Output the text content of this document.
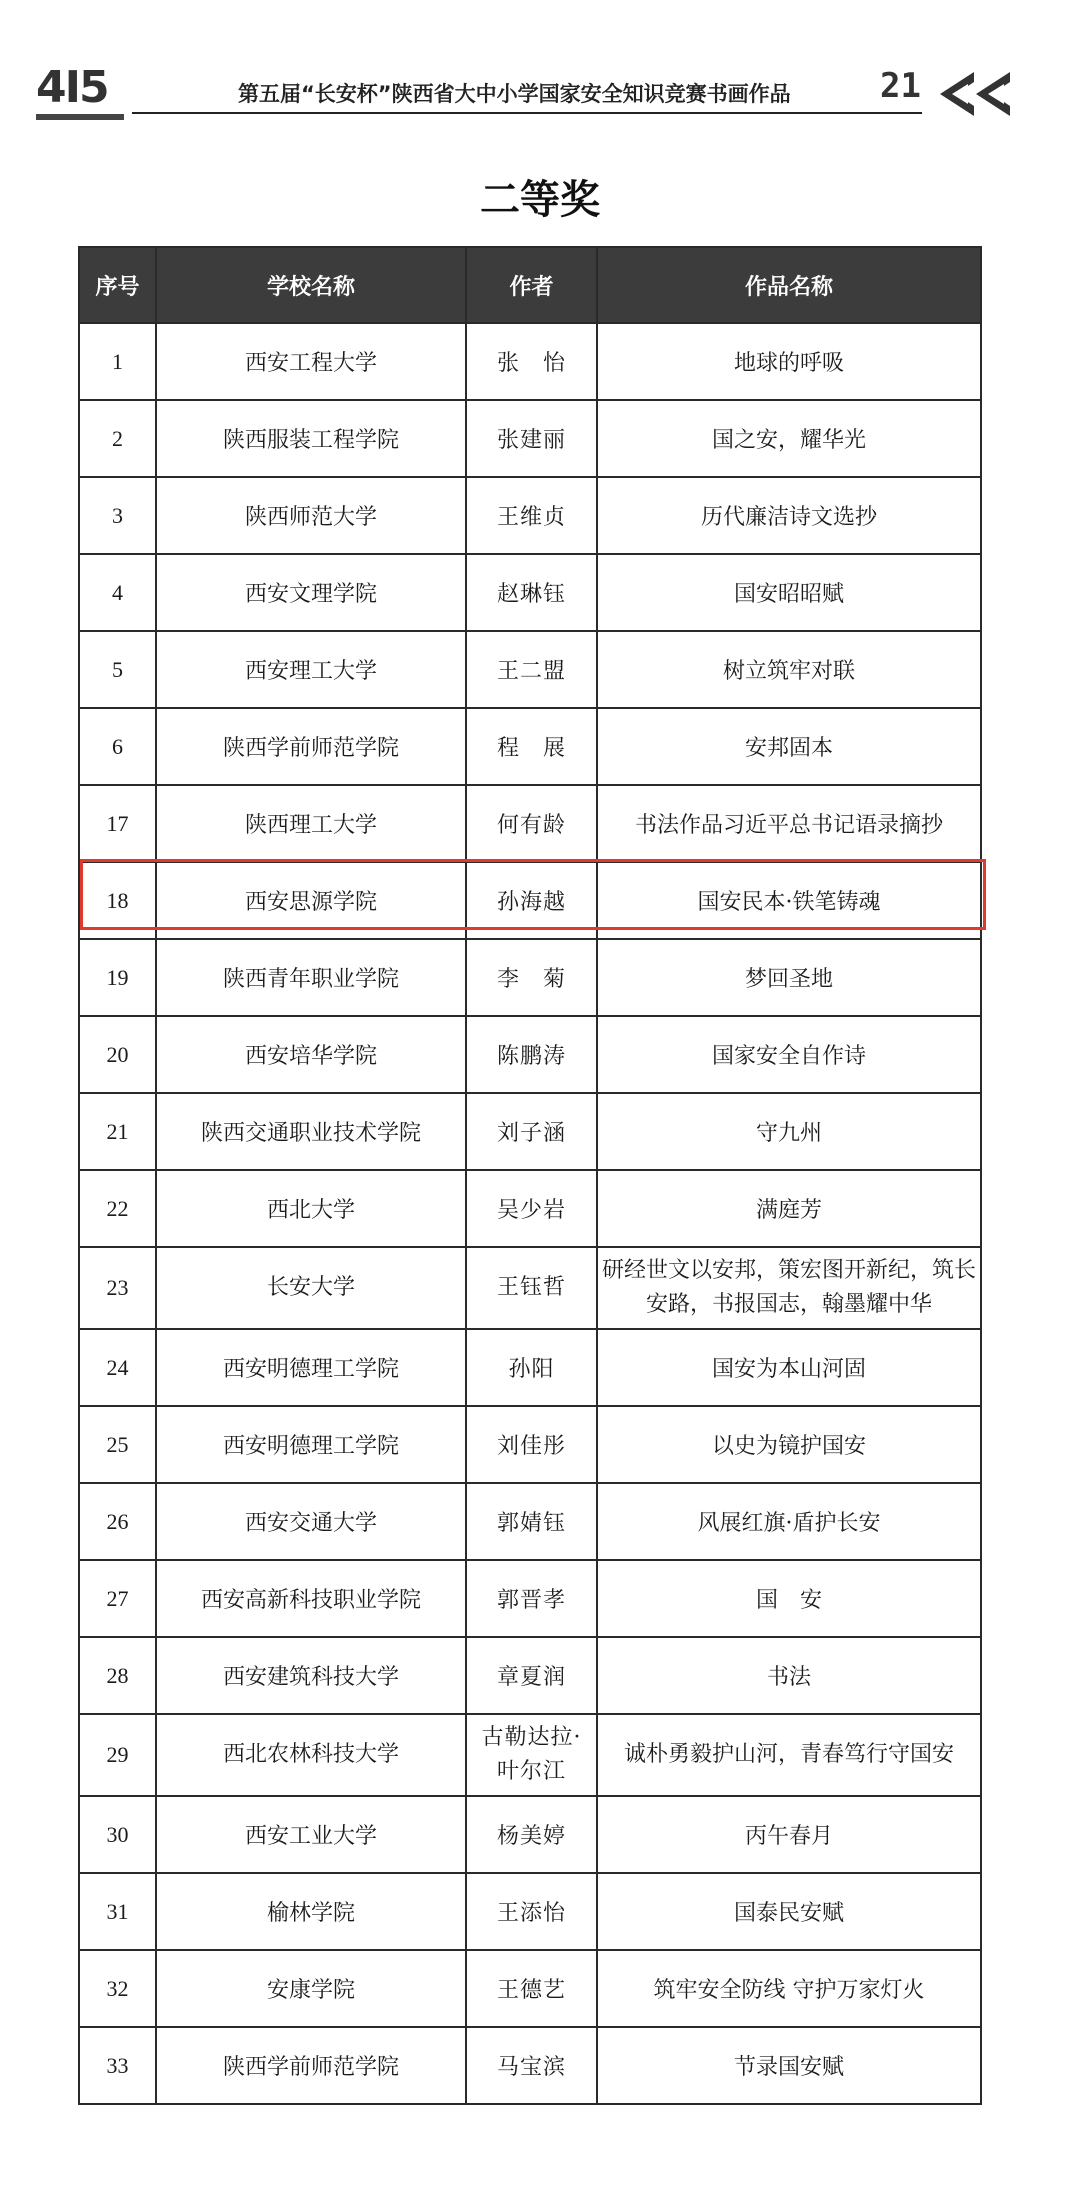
4I5	第五届“长安杯”陕西省大中小学国家安全知识竞赛书画作品	21
二等奖
序号	学校名称	作者	作品名称
1	西安工程大学	张　怡	地球的呼吸
2	陕西服装工程学院	张建丽	国之安，耀华光
3	陕西师范大学	王维贞	历代廉洁诗文选抄
4	西安文理学院	赵琳钰	国安昭昭赋
5	西安理工大学	王二盟	树立筑牢对联
6	陕西学前师范学院	程　展	安邦固本
17	陕西理工大学	何有龄	书法作品习近平总书记语录摘抄
18	西安思源学院	孙海越	国安民本·铁笔铸魂
19	陕西青年职业学院	李　菊	梦回圣地
20	西安培华学院	陈鹏涛	国家安全自作诗
21	陕西交通职业技术学院	刘子涵	守九州
22	西北大学	吴少岩	满庭芳
23	长安大学	王钰哲	研经世文以安邦，策宏图开新纪，筑长安路，书报国志，翰墨耀中华
24	西安明德理工学院	孙阳	国安为本山河固
25	西安明德理工学院	刘佳彤	以史为镜护国安
26	西安交通大学	郭婧钰	风展红旗·盾护长安
27	西安高新科技职业学院	郭晋孝	国　安
28	西安建筑科技大学	章夏润	书法
29	西北农林科技大学	古勒达拉·叶尔江	诚朴勇毅护山河，青春笃行守国安
30	西安工业大学	杨美婷	丙午春月
31	榆林学院	王添怡	国泰民安赋
32	安康学院	王德艺	筑牢安全防线 守护万家灯火
33	陕西学前师范学院	马宝滨	节录国安赋
